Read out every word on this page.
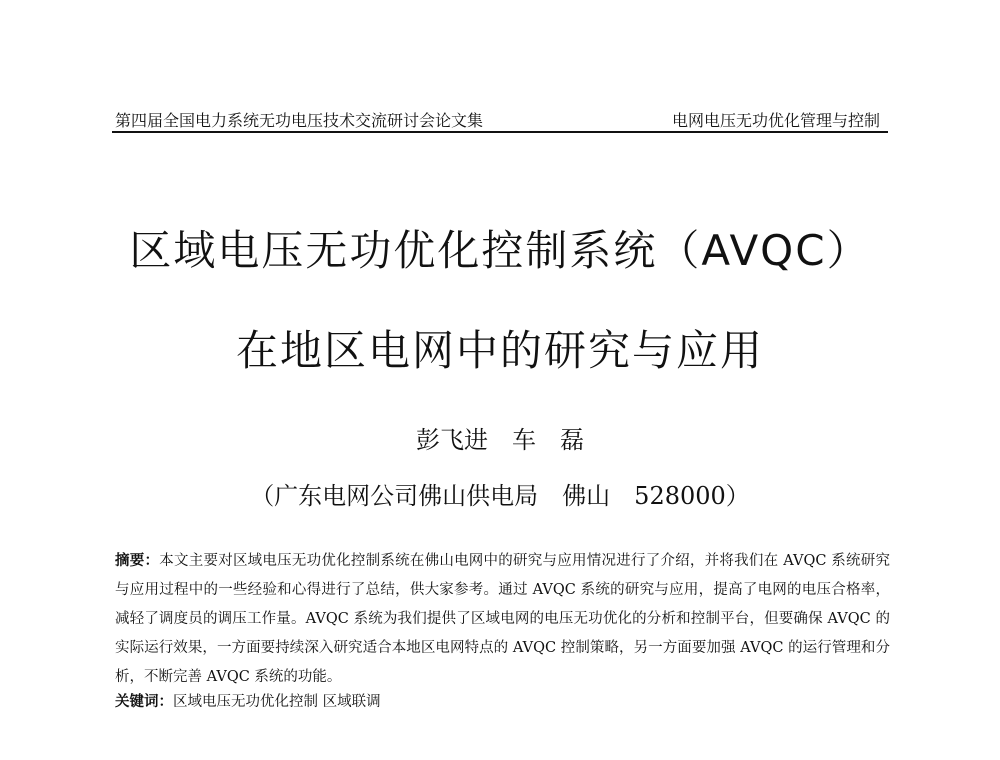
第四届全国电力系统无功电压技术交流研讨会论文集	电网电压无功优化管理与控制
区域电压无功优化控制系统（AVQC）
在地区电网中的研究与应用
彭飞进　车　磊
（广东电网公司佛山供电局　佛山　528000）
摘要：本文主要对区域电压无功优化控制系统在佛山电网中的研究与应用情况进行了介绍，并将我们在 AVQC 系统研究与应用过程中的一些经验和心得进行了总结，供大家参考。通过 AVQC 系统的研究与应用，提高了电网的电压合格率，减轻了调度员的调压工作量。AVQC 系统为我们提供了区域电网的电压无功优化的分析和控制平台，但要确保 AVQC 的实际运行效果，一方面要持续深入研究适合本地区电网特点的 AVQC 控制策略，另一方面要加强 AVQC 的运行管理和分析，不断完善 AVQC 系统的功能。
关键词：区域电压无功优化控制 区域联调
